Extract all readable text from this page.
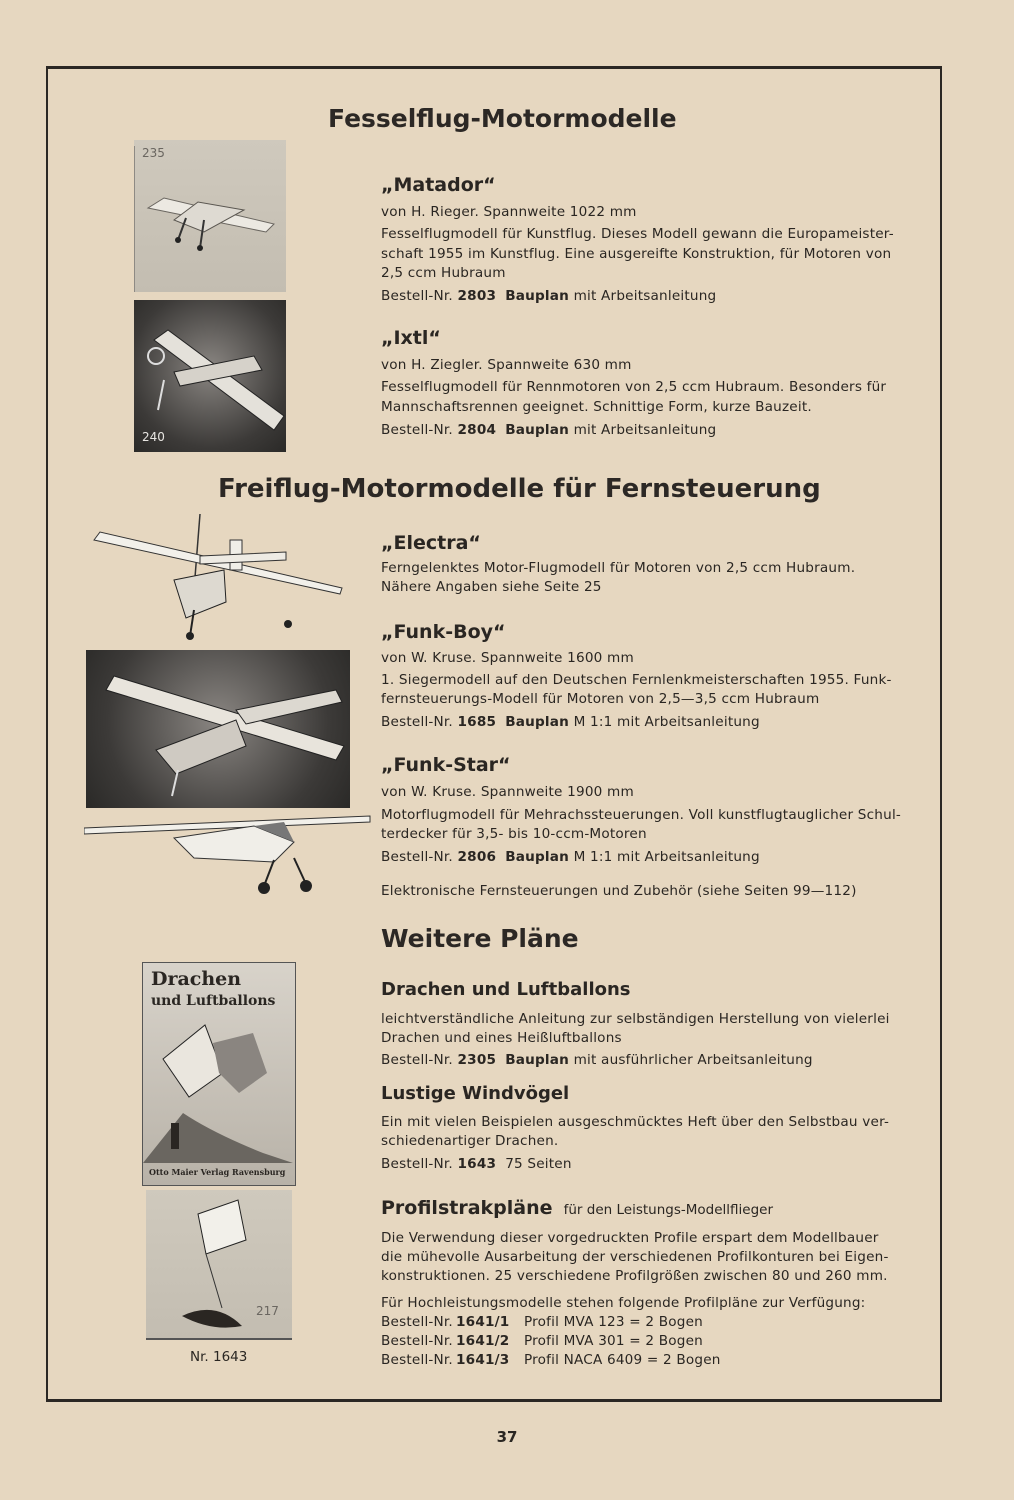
Fesselflug-Motormodelle
235
240
„Matador“
von H. Rieger. Spannweite 1022 mm
Fesselflugmodell für Kunstflug. Dieses Modell gewann die Europameister-
schaft 1955 im Kunstflug. Eine ausgereifte Konstruktion, für Motoren von
2,5 ccm Hubraum
Bestell-Nr. 2803 Bauplan mit Arbeitsanleitung
„Ixtl“
von H. Ziegler. Spannweite 630 mm
Fesselflugmodell für Rennmotoren von 2,5 ccm Hubraum. Besonders für
Mannschaftsrennen geeignet. Schnittige Form, kurze Bauzeit.
Bestell-Nr. 2804 Bauplan mit Arbeitsanleitung
Freiflug-Motormodelle für Fernsteuerung
„Electra“
Ferngelenktes Motor-Flugmodell für Motoren von 2,5 ccm Hubraum.
Nähere Angaben siehe Seite 25
„Funk-Boy“
von W. Kruse. Spannweite 1600 mm
1. Siegermodell auf den Deutschen Fernlenkmeisterschaften 1955. Funk-
fernsteuerungs-Modell für Motoren von 2,5—3,5 ccm Hubraum
Bestell-Nr. 1685 Bauplan M 1:1 mit Arbeitsanleitung
„Funk-Star“
von W. Kruse. Spannweite 1900 mm
Motorflugmodell für Mehrachssteuerungen. Voll kunstflugtauglicher Schul-
terdecker für 3,5- bis 10-ccm-Motoren
Bestell-Nr. 2806 Bauplan M 1:1 mit Arbeitsanleitung
Elektronische Fernsteuerungen und Zubehör (siehe Seiten 99—112)
Weitere Pläne
Drachen
und Luftballons
Otto Maier Verlag Ravensburg
217
Nr. 1643
Drachen und Luftballons
leichtverständliche Anleitung zur selbständigen Herstellung von vielerlei
Drachen und eines Heißluftballons
Bestell-Nr. 2305 Bauplan mit ausführlicher Arbeitsanleitung
Lustige Windvögel
Ein mit vielen Beispielen ausgeschmücktes Heft über den Selbstbau ver-
schiedenartiger Drachen.
Bestell-Nr. 1643 75 Seiten
Profilstrakpläne für den Leistungs-Modellflieger
Die Verwendung dieser vorgedruckten Profile erspart dem Modellbauer
die mühevolle Ausarbeitung der verschiedenen Profilkonturen bei Eigen-
konstruktionen. 25 verschiedene Profilgrößen zwischen 80 und 260 mm.
Für Hochleistungsmodelle stehen folgende Profilpläne zur Verfügung:
Bestell-Nr. 1641/1 Profil MVA 123 = 2 Bogen
Bestell-Nr. 1641/2 Profil MVA 301 = 2 Bogen
Bestell-Nr. 1641/3 Profil NACA 6409 = 2 Bogen
37
